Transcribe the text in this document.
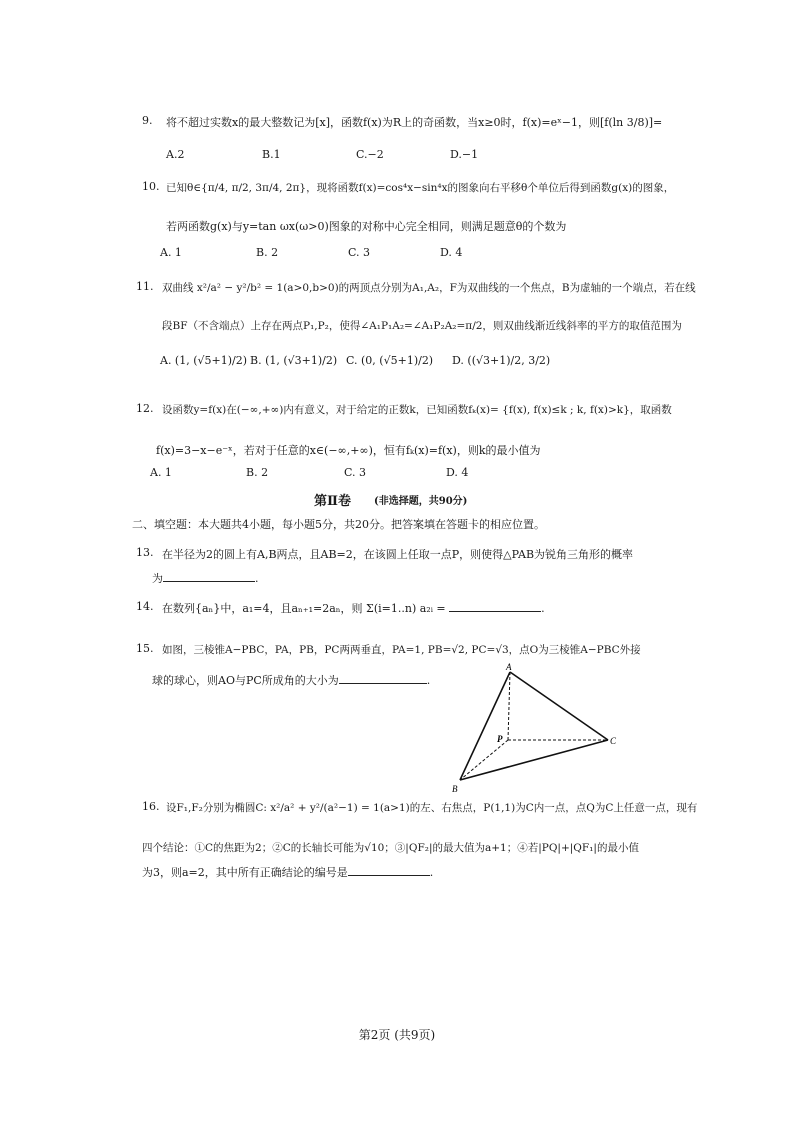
9. 将不超过实数x的最大整数记为[x]，函数f(x)为R上的奇函数，当x≥0时，f(x)=eˣ−1，则[f(ln 3/8)]=
A.2	B.1	C.−2	D.−1
10. 已知θ∈{π/4, π/2, 3π/4, 2π}，现将函数f(x)=cos⁴x−sin⁴x的图象向右平移θ个单位后得到函数g(x)的图象，
若两函数g(x)与y=tan ωx(ω>0)图象的对称中心完全相同，则满足题意θ的个数为
A. 1	B. 2	C. 3	D. 4
11. 双曲线 x²/a² − y²/b² = 1(a>0,b>0)的两顶点分别为A₁,A₂，F为双曲线的一个焦点，B为虚轴的一个端点，若在线
段BF（不含端点）上存在两点P₁,P₂，使得∠A₁P₁A₂=∠A₁P₂A₂=π/2，则双曲线渐近线斜率的平方的取值范围为
A. (1, (√5+1)/2) B. (1, (√3+1)/2) C. (0, (√5+1)/2) D. ((√3+1)/2, 3/2)
12. 设函数y=f(x)在(−∞,+∞)内有意义，对于给定的正数k，已知函数fₖ(x)= {f(x), f(x)≤k ; k, f(x)>k}，取函数
f(x)=3−x−e⁻ˣ，若对于任意的x∈(−∞,+∞)，恒有fₖ(x)=f(x)，则k的最小值为
A. 1	B. 2	C. 3	D. 4
第Ⅱ卷 (非选择题，共90分)
二、填空题：本大题共4小题，每小题5分，共20分。把答案填在答题卡的相应位置。
13. 在半径为2的圆上有A,B两点，且AB=2，在该圆上任取一点P，则使得△PAB为锐角三角形的概率
为	.
14. 在数列{aₙ}中，a₁=4，且aₙ₊₁=2aₙ，则 Σ(i=1..n) a₂ᵢ =	.
15. 如图，三棱锥A−PBC，PA，PB，PC两两垂直，PA=1, PB=√2, PC=√3，点O为三棱锥A−PBC外接
球的球心，则AO与PC所成角的大小为	.
A
P
B
C
16. 设F₁,F₂分别为椭圆C: x²/a² + y²/(a²−1) = 1(a>1)的左、右焦点，P(1,1)为C内一点，点Q为C上任意一点，现有
四个结论：①C的焦距为2；②C的长轴长可能为√10；③|QF₂|的最大值为a+1；④若|PQ|+|QF₁|的最小值
为3，则a=2，其中所有正确结论的编号是	.
第2页 (共9页)
